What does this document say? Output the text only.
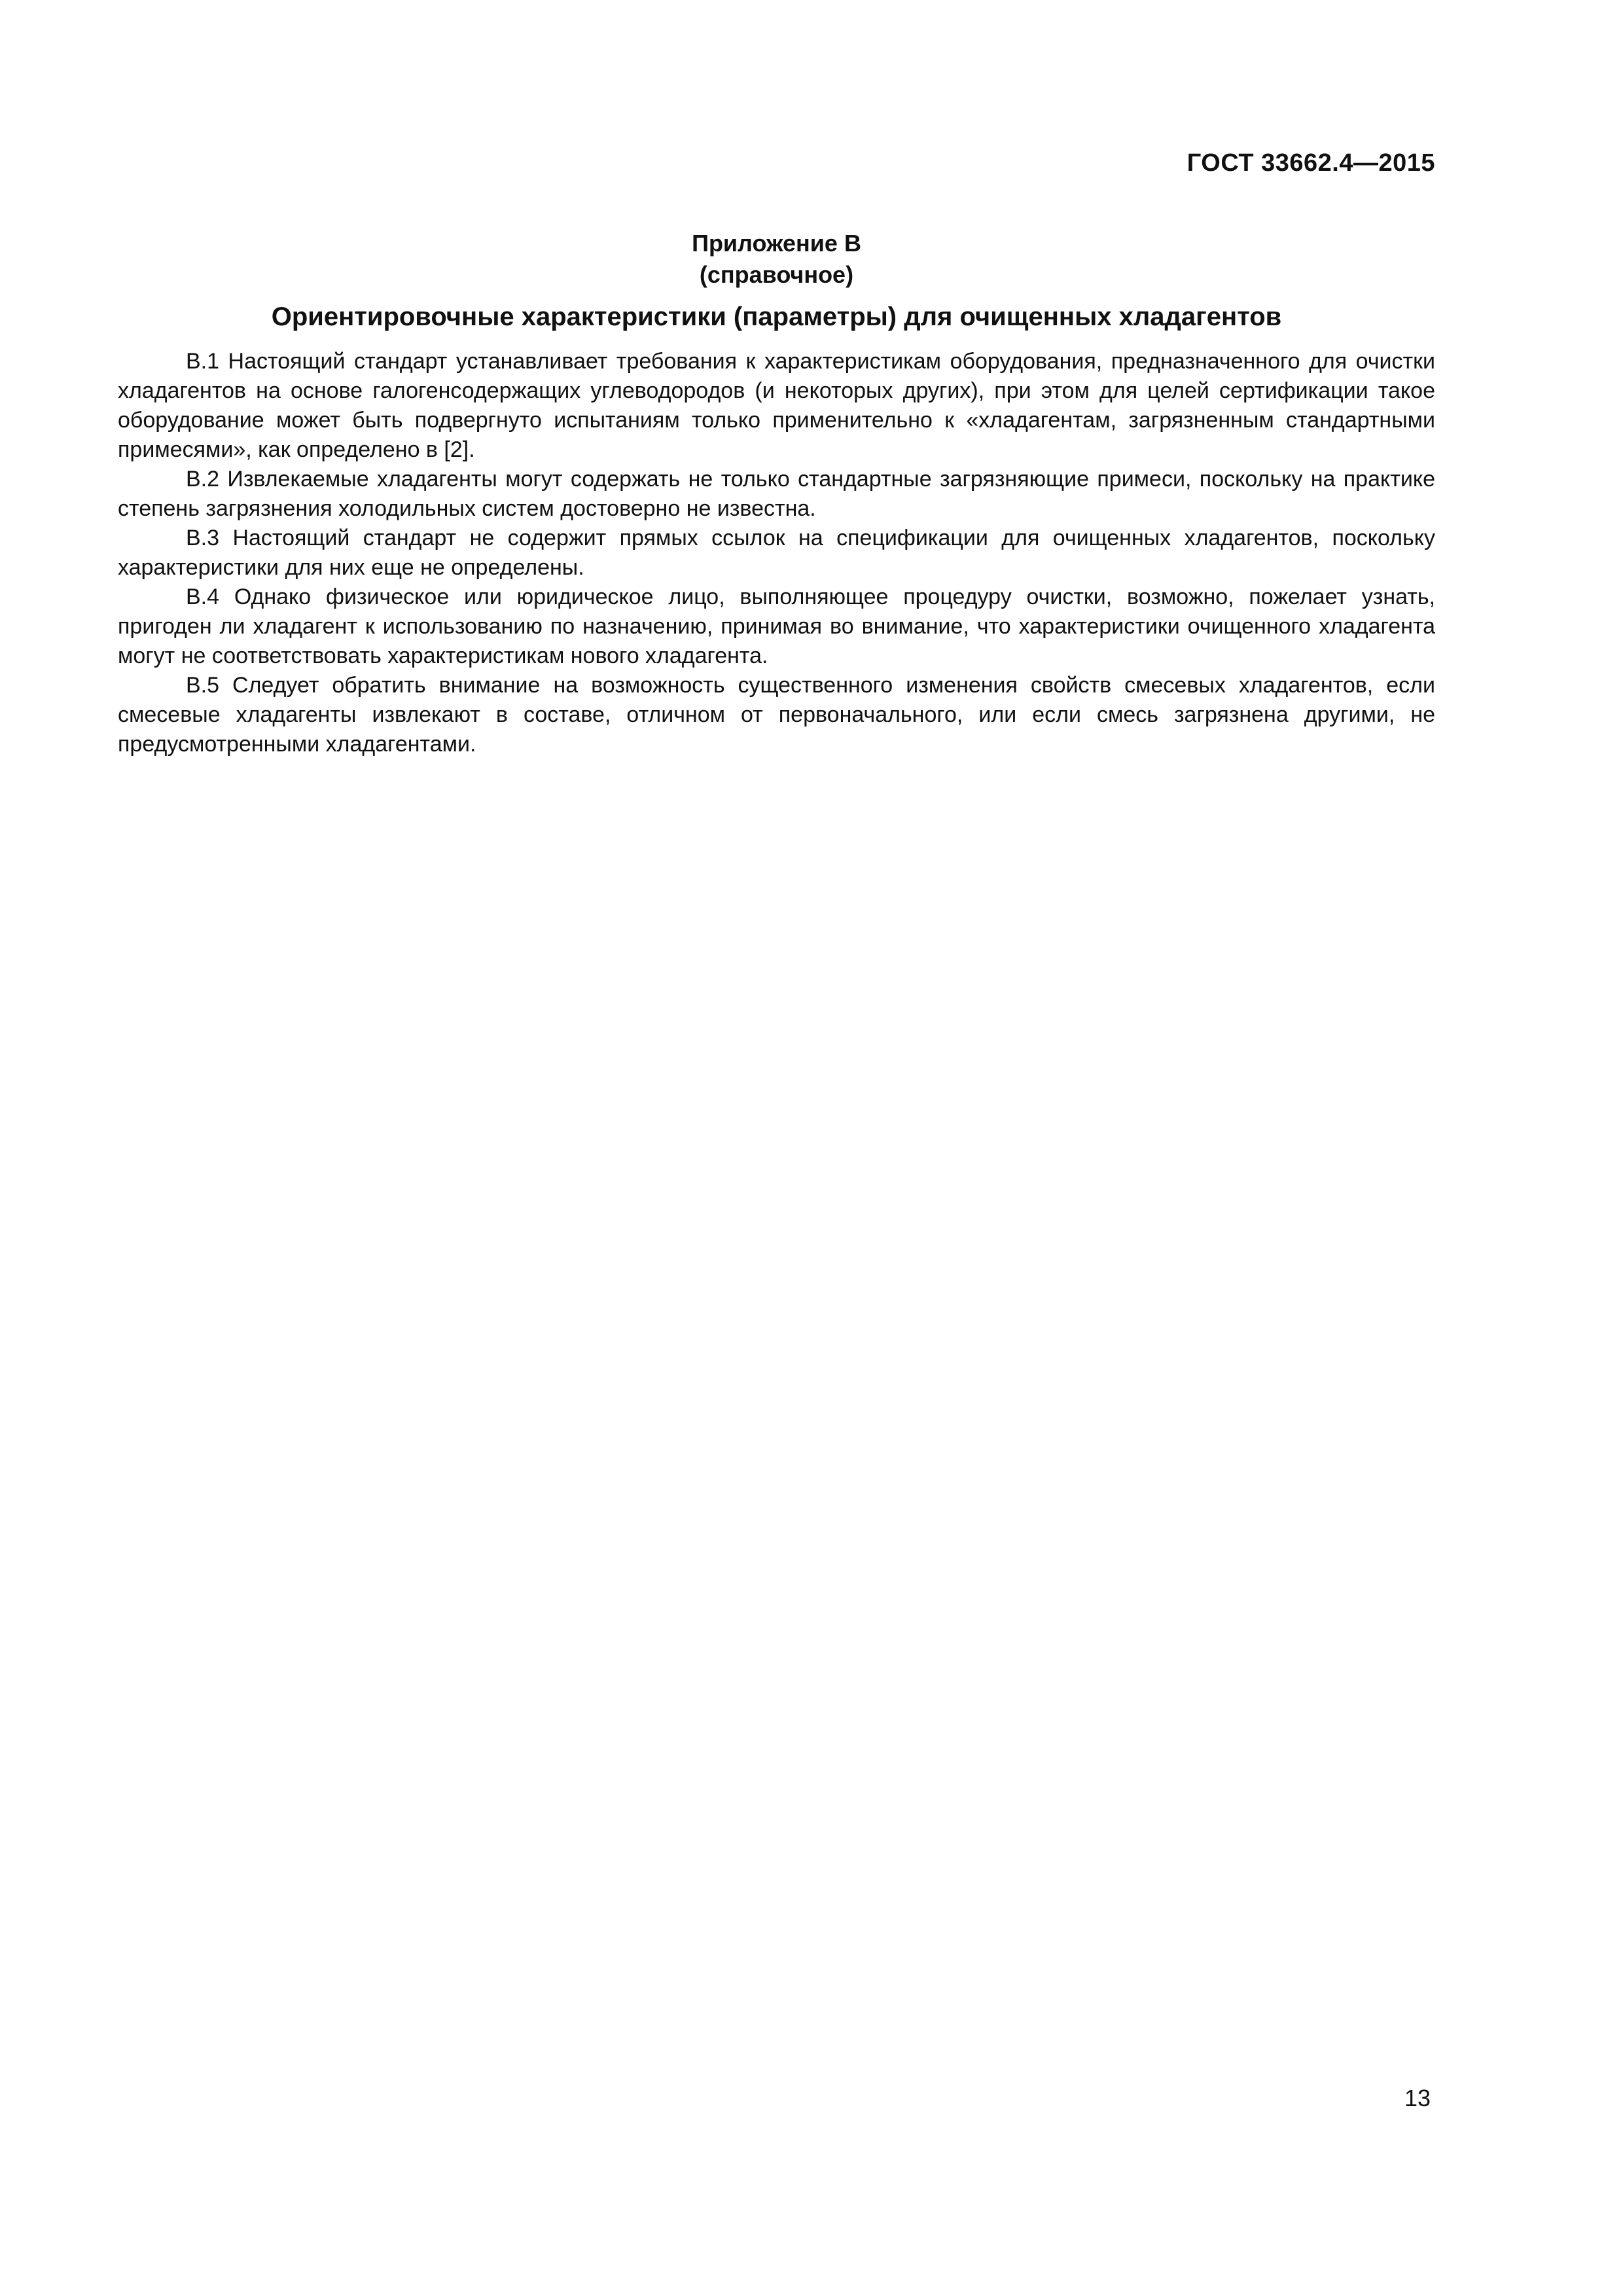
ГОСТ 33662.4—2015
Приложение В
(справочное)
Ориентировочные характеристики (параметры) для очищенных хладагентов

В.1 Настоящий стандарт устанавливает требования к характеристикам оборудования, предназначенного для очистки хладагентов на основе галогенсодержащих углеводородов (и некоторых других), при этом для целей сертификации такое оборудование может быть подвергнуто испытаниям только применительно к «хладагентам, загрязненным стандартными примесями», как определено в [2].

В.2 Извлекаемые хладагенты могут содержать не только стандартные загрязняющие примеси, поскольку на практике степень загрязнения холодильных систем достоверно не известна.

В.3 Настоящий стандарт не содержит прямых ссылок на спецификации для очищенных хладагентов, поскольку характеристики для них еще не определены.

В.4 Однако физическое или юридическое лицо, выполняющее процедуру очистки, возможно, пожелает узнать, пригоден ли хладагент к использованию по назначению, принимая во внимание, что характеристики очищенного хладагента могут не соответствовать характеристикам нового хладагента.

В.5 Следует обратить внимание на возможность существенного изменения свойств смесевых хладагентов, если смесевые хладагенты извлекают в составе, отличном от первоначального, или если смесь загрязнена другими, не предусмотренными хладагентами.

13
